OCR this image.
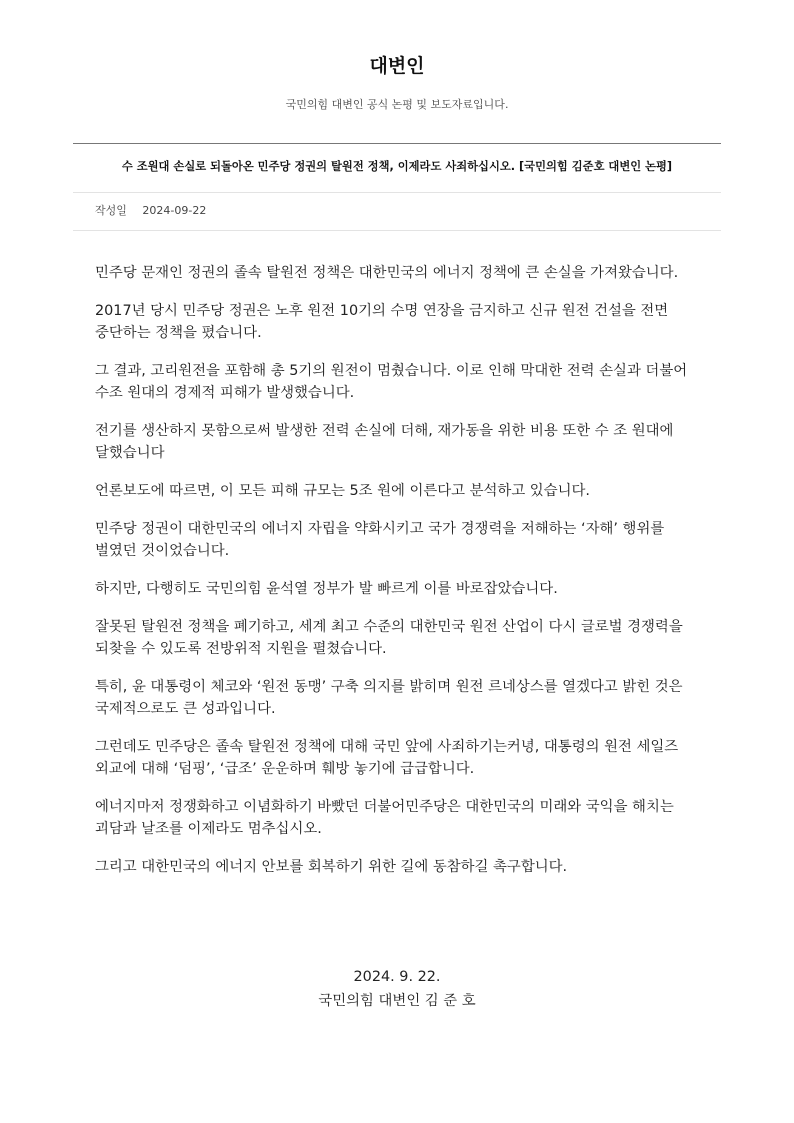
대변인
국민의힘 대변인 공식 논평 및 보도자료입니다.
수 조원대 손실로 되돌아온 민주당 정권의 탈원전 정책, 이제라도 사죄하십시오. [국민의힘 김준호 대변인 논평]
작성일 2024-09-22

민주당 문재인 정권의 졸속 탈원전 정책은 대한민국의 에너지 정책에 큰 손실을 가져왔습니다.

2017년 당시 민주당 정권은 노후 원전 10기의 수명 연장을 금지하고 신규 원전 건설을 전면 중단하는 정책을 폈습니다.

그 결과, 고리원전을 포함해 총 5기의 원전이 멈췄습니다. 이로 인해 막대한 전력 손실과 더불어 수조 원대의 경제적 피해가 발생했습니다.

전기를 생산하지 못함으로써 발생한 전력 손실에 더해, 재가동을 위한 비용 또한 수 조 원대에 달했습니다

언론보도에 따르면, 이 모든 피해 규모는 5조 원에 이른다고 분석하고 있습니다.

민주당 정권이 대한민국의 에너지 자립을 약화시키고 국가 경쟁력을 저해하는 ‘자해’ 행위를 벌였던 것이었습니다.

하지만, 다행히도 국민의힘 윤석열 정부가 발 빠르게 이를 바로잡았습니다.

잘못된 탈원전 정책을 폐기하고, 세계 최고 수준의 대한민국 원전 산업이 다시 글로벌 경쟁력을 되찾을 수 있도록 전방위적 지원을 펼쳤습니다.

특히, 윤 대통령이 체코와 ‘원전 동맹’ 구축 의지를 밝히며 원전 르네상스를 열겠다고 밝힌 것은 국제적으로도 큰 성과입니다.

그런데도 민주당은 졸속 탈원전 정책에 대해 국민 앞에 사죄하기는커녕, 대통령의 원전 세일즈 외교에 대해 ‘덤핑’, ‘급조’ 운운하며 훼방 놓기에 급급합니다.

에너지마저 정쟁화하고 이념화하기 바빴던 더불어민주당은 대한민국의 미래와 국익을 해치는 괴담과 날조를 이제라도 멈추십시오.

그리고 대한민국의 에너지 안보를 회복하기 위한 길에 동참하길 촉구합니다.

2024. 9. 22.
국민의힘 대변인 김 준 호
